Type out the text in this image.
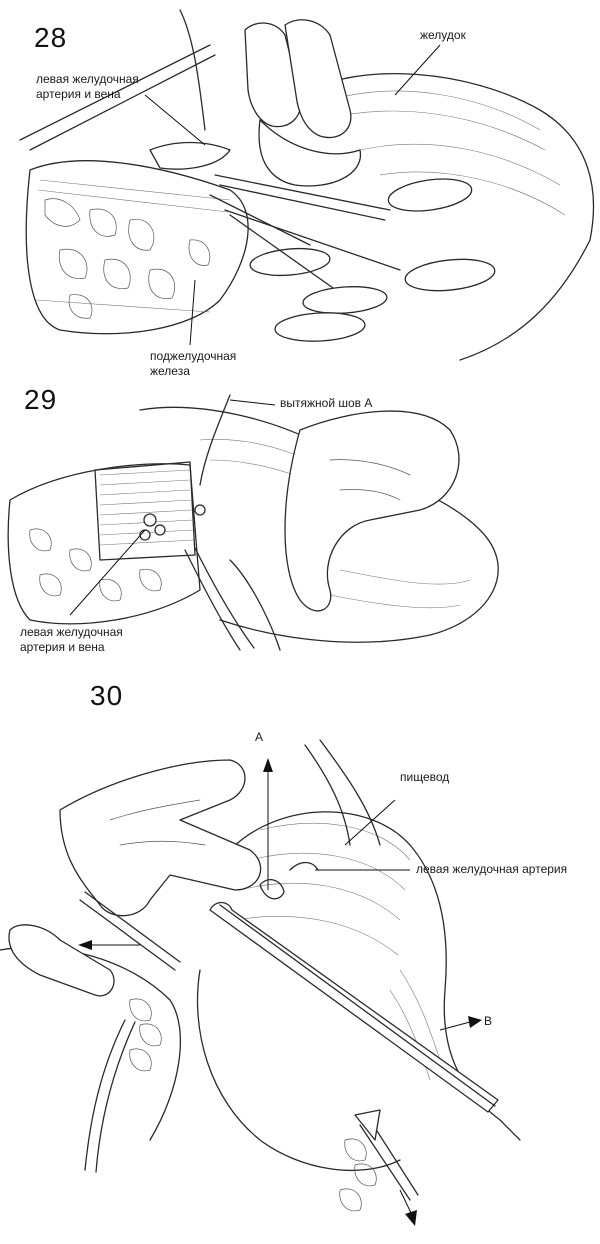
28	желудок
левая желудочная
артерия и вена
поджелудочная
железа
29	вытяжной шов А
левая желудочная
артерия и вена
30
А
пищевод
левая желудочная артерия
В
